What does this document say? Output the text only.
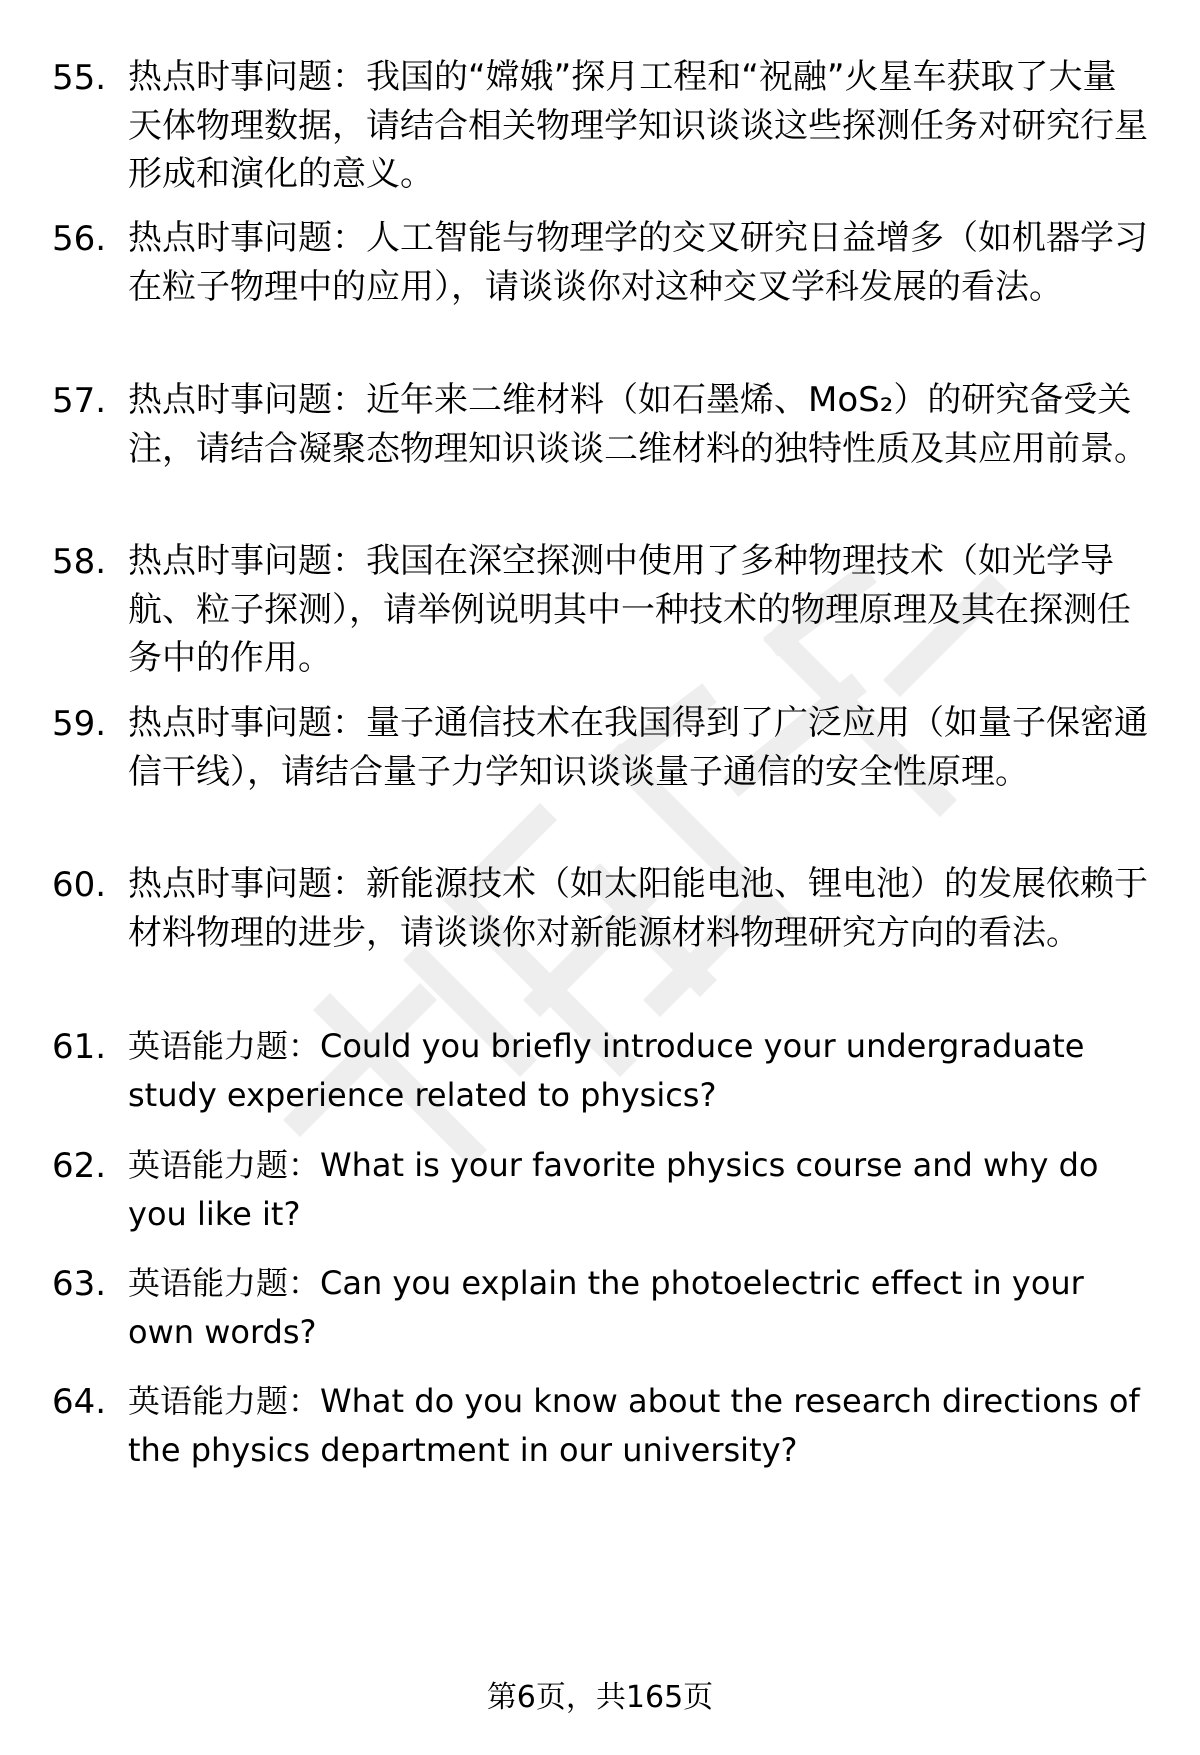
55. 热点时事问题：我国的“嫦娥”探月工程和“祝融”火星车获取了大量天体物理数据，请结合相关物理学知识谈谈这些探测任务对研究行星形成和演化的意义。
56. 热点时事问题：人工智能与物理学的交叉研究日益增多（如机器学习在粒子物理中的应用），请谈谈你对这种交叉学科发展的看法。
57. 热点时事问题：近年来二维材料（如石墨烯、MoS₂）的研究备受关注，请结合凝聚态物理知识谈谈二维材料的独特性质及其应用前景。
58. 热点时事问题：我国在深空探测中使用了多种物理技术（如光学导航、粒子探测），请举例说明其中一种技术的物理原理及其在探测任务中的作用。
59. 热点时事问题：量子通信技术在我国得到了广泛应用（如量子保密通信干线），请结合量子力学知识谈谈量子通信的安全性原理。
60. 热点时事问题：新能源技术（如太阳能电池、锂电池）的发展依赖于材料物理的进步，请谈谈你对新能源材料物理研究方向的看法。
61. 英语能力题：Could you briefly introduce your undergraduate study experience related to physics?
62. 英语能力题：What is your favorite physics course and why do you like it?
63. 英语能力题：Can you explain the photoelectric effect in your own words?
64. 英语能力题：What do you know about the research directions of the physics department in our university?
第6页，共165页
